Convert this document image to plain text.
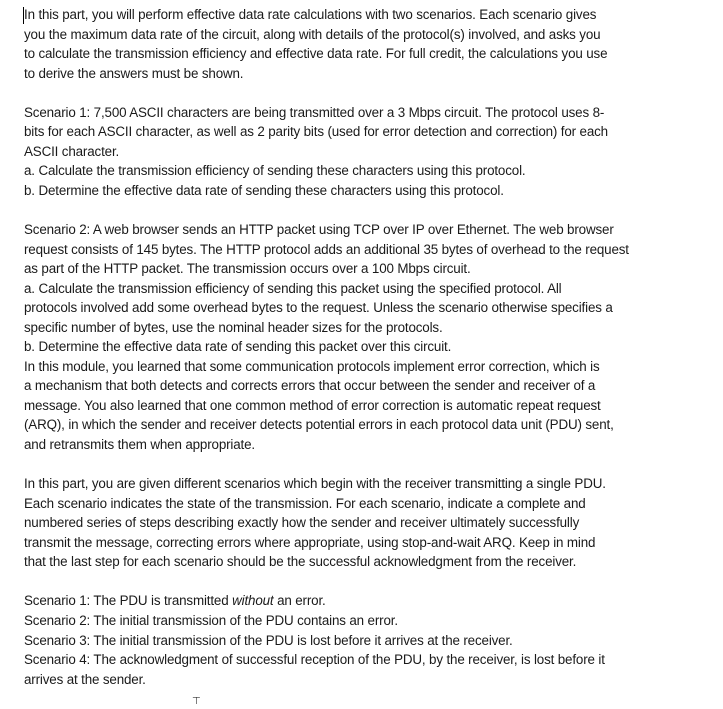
In this part, you will perform effective data rate calculations with two scenarios. Each scenario gives
you the maximum data rate of the circuit, along with details of the protocol(s) involved, and asks you
to calculate the transmission efficiency and effective data rate. For full credit, the calculations you use
to derive the answers must be shown.
Scenario 1: 7,500 ASCII characters are being transmitted over a 3 Mbps circuit. The protocol uses 8-
bits for each ASCII character, as well as 2 parity bits (used for error detection and correction) for each
ASCII character.
a. Calculate the transmission efficiency of sending these characters using this protocol.
b. Determine the effective data rate of sending these characters using this protocol.
Scenario 2: A web browser sends an HTTP packet using TCP over IP over Ethernet. The web browser
request consists of 145 bytes. The HTTP protocol adds an additional 35 bytes of overhead to the request
as part of the HTTP packet. The transmission occurs over a 100 Mbps circuit.
a. Calculate the transmission efficiency of sending this packet using the specified protocol. All
protocols involved add some overhead bytes to the request. Unless the scenario otherwise specifies a
specific number of bytes, use the nominal header sizes for the protocols.
b. Determine the effective data rate of sending this packet over this circuit.
In this module, you learned that some communication protocols implement error correction, which is
a mechanism that both detects and corrects errors that occur between the sender and receiver of a
message. You also learned that one common method of error correction is automatic repeat request
(ARQ), in which the sender and receiver detects potential errors in each protocol data unit (PDU) sent,
and retransmits them when appropriate.
In this part, you are given different scenarios which begin with the receiver transmitting a single PDU.
Each scenario indicates the state of the transmission. For each scenario, indicate a complete and
numbered series of steps describing exactly how the sender and receiver ultimately successfully
transmit the message, correcting errors where appropriate, using stop-and-wait ARQ. Keep in mind
that the last step for each scenario should be the successful acknowledgment from the receiver.
Scenario 1: The PDU is transmitted without an error.
Scenario 2: The initial transmission of the PDU contains an error.
Scenario 3: The initial transmission of the PDU is lost before it arrives at the receiver.
Scenario 4: The acknowledgment of successful reception of the PDU, by the receiver, is lost before it
arrives at the sender.
⊤
